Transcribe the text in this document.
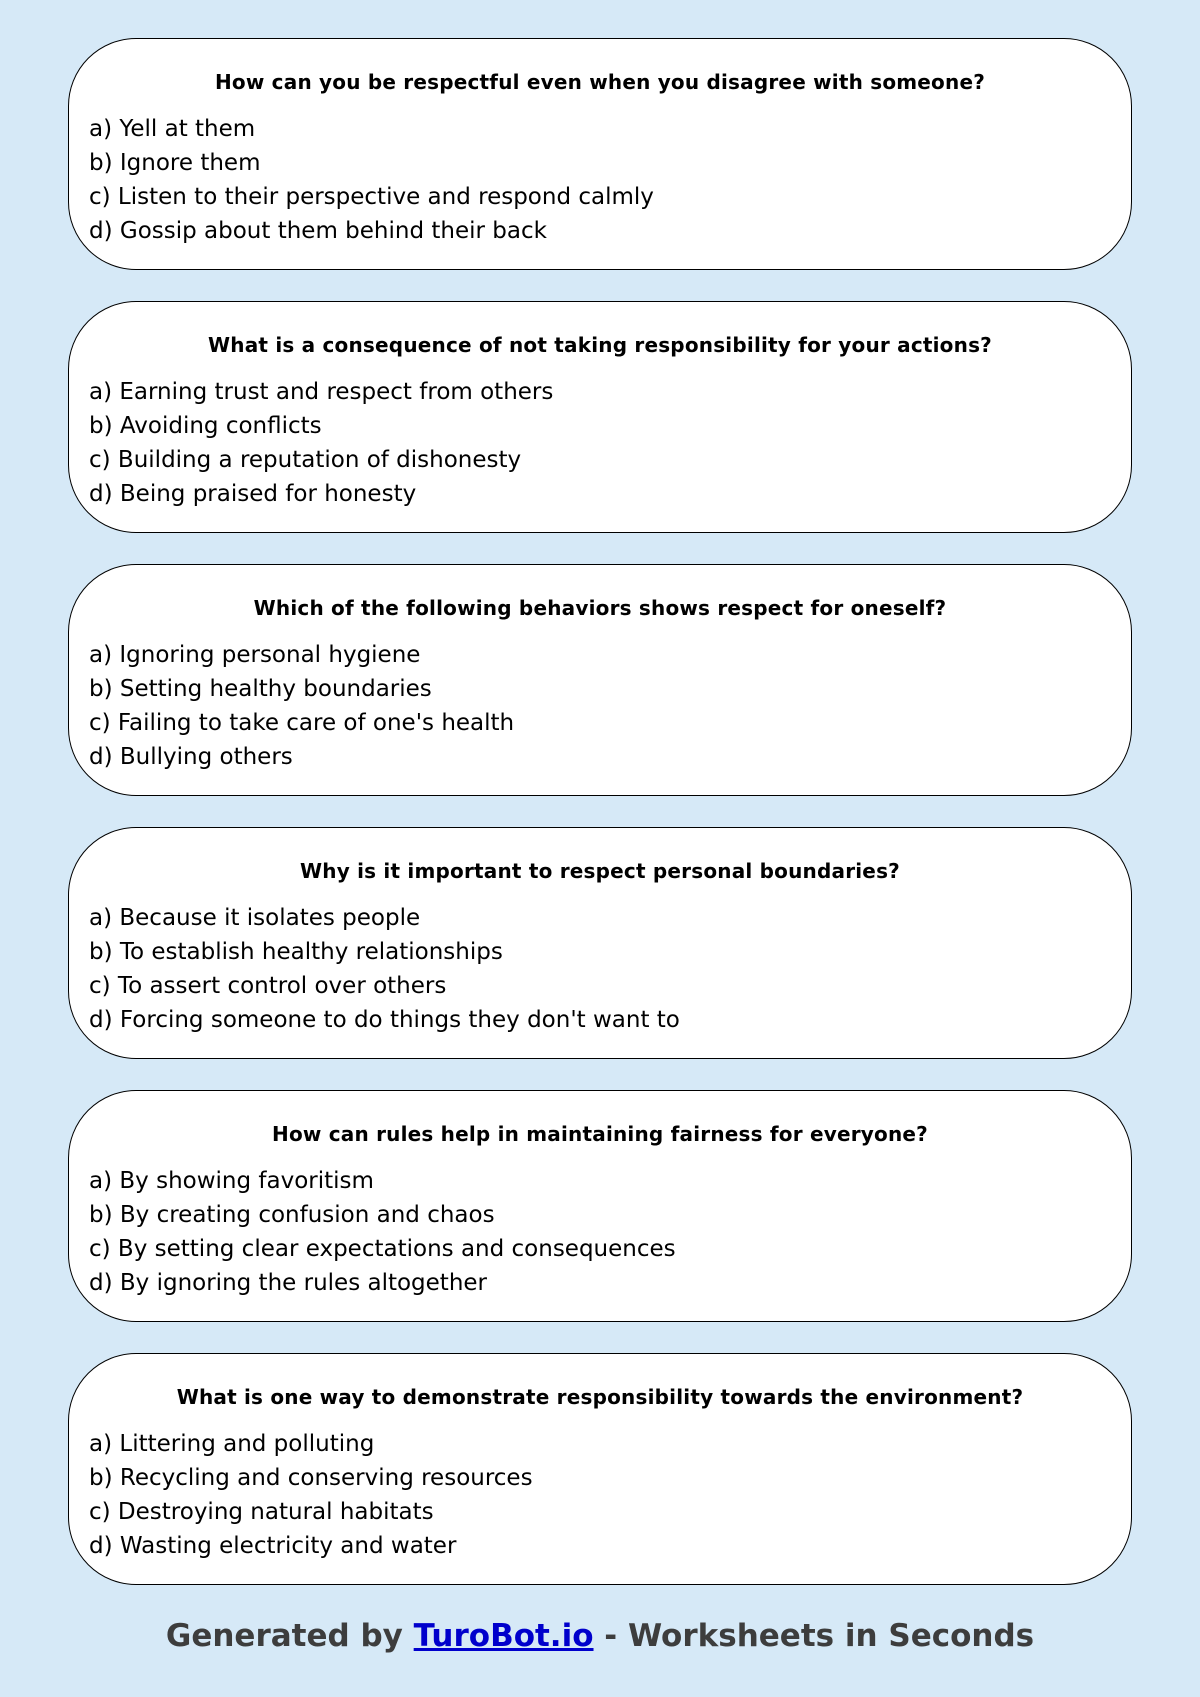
How can you be respectful even when you disagree with someone?
a) Yell at them
b) Ignore them
c) Listen to their perspective and respond calmly
d) Gossip about them behind their back
What is a consequence of not taking responsibility for your actions?
a) Earning trust and respect from others
b) Avoiding conflicts
c) Building a reputation of dishonesty
d) Being praised for honesty
Which of the following behaviors shows respect for oneself?
a) Ignoring personal hygiene
b) Setting healthy boundaries
c) Failing to take care of one's health
d) Bullying others
Why is it important to respect personal boundaries?
a) Because it isolates people
b) To establish healthy relationships
c) To assert control over others
d) Forcing someone to do things they don't want to
How can rules help in maintaining fairness for everyone?
a) By showing favoritism
b) By creating confusion and chaos
c) By setting clear expectations and consequences
d) By ignoring the rules altogether
What is one way to demonstrate responsibility towards the environment?
a) Littering and polluting
b) Recycling and conserving resources
c) Destroying natural habitats
d) Wasting electricity and water
Generated by TuroBot.io - Worksheets in Seconds
